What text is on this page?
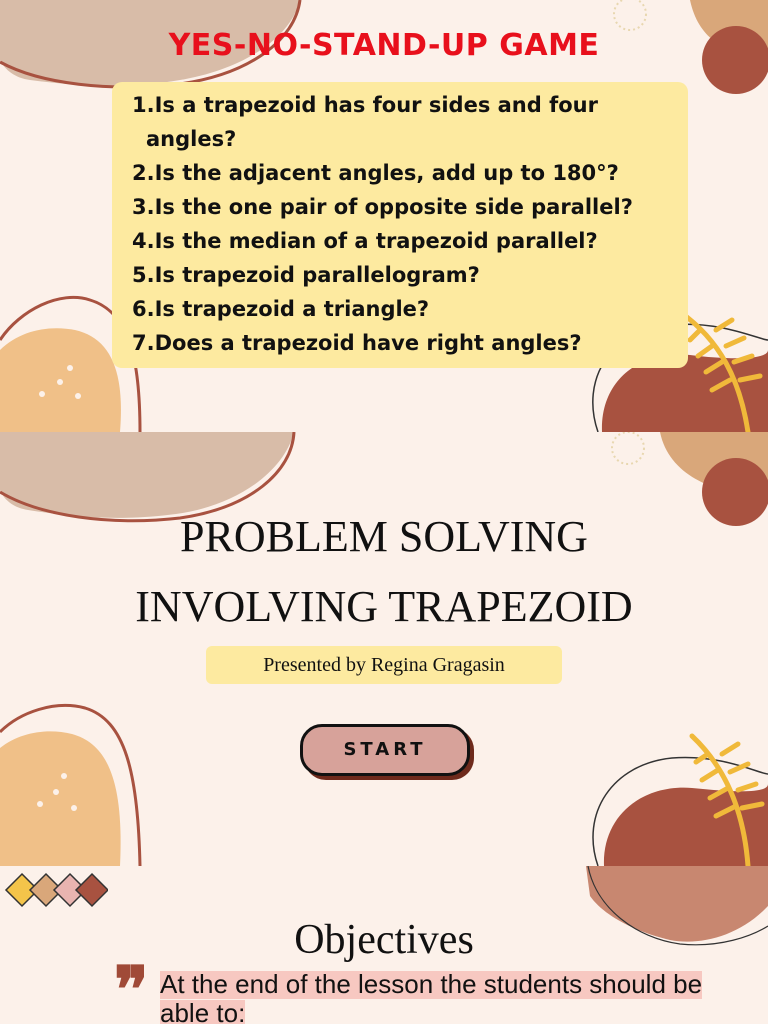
YES-NO-STAND-UP GAME
1.Is a trapezoid has four sides and four
angles?
2.Is the adjacent angles, add up to 180°?
3.Is the one pair of opposite side parallel?
4.Is the median of a trapezoid parallel?
5.Is trapezoid parallelogram?
6.Is trapezoid a triangle?
7.Does a trapezoid have right angles?
PROBLEM SOLVING
INVOLVING TRAPEZOID
Presented by Regina Gragasin
START
Objectives
❞ At the end of the lesson the students should be able to:
